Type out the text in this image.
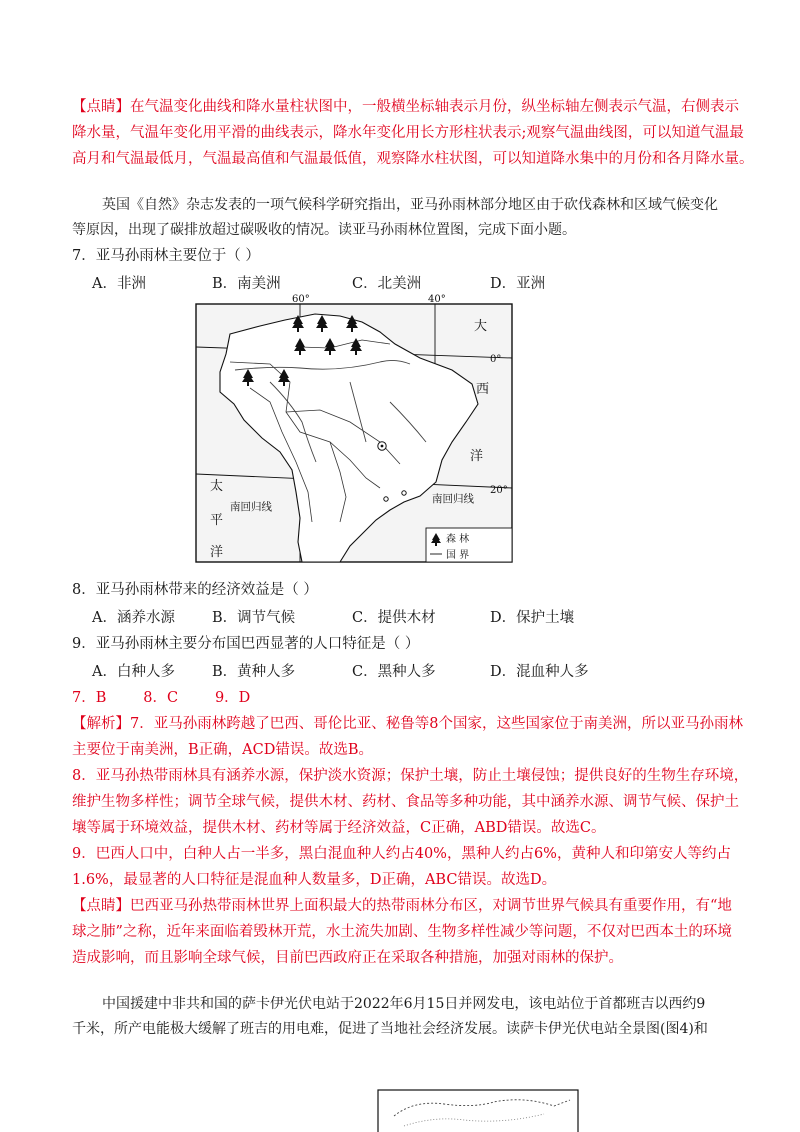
【点睛】在气温变化曲线和降水量柱状图中，一般横坐标轴表示月份，纵坐标轴左侧表示气温，右侧表示
降水量，气温年变化用平滑的曲线表示，降水年变化用长方形柱状表示;观察气温曲线图，可以知道气温最
高月和气温最低月，气温最高值和气温最低值，观察降水柱状图，可以知道降水集中的月份和各月降水量。
英国《自然》杂志发表的一项气候科学研究指出，亚马孙雨林部分地区由于砍伐森林和区域气候变化
等原因，出现了碳排放超过碳吸收的情况。读亚马孙雨林位置图，完成下面小题。
7．亚马孙雨林主要位于（ ）
A．非洲	B．南美洲	C．北美洲	D．亚洲
60°	40°
0°
20°
大
西
洋
太
平
洋
南回归线
南回归线
森 林
国 界
8．亚马孙雨林带来的经济效益是（ ）
A．涵养水源	B．调节气候	C．提供木材	D．保护土壤
9．亚马孙雨林主要分布国巴西显著的人口特征是（ ）
A．白种人多	B．黄种人多	C．黑种人多	D．混血种人多
7．B        8．C        9．D
【解析】7．亚马孙雨林跨越了巴西、哥伦比亚、秘鲁等8个国家，这些国家位于南美洲，所以亚马孙雨林
主要位于南美洲，B正确，ACD错误。故选B。
8．亚马孙热带雨林具有涵养水源，保护淡水资源；保护土壤，防止土壤侵蚀；提供良好的生物生存环境，
维护生物多样性；调节全球气候，提供木材、药材、食品等多种功能，其中涵养水源、调节气候、保护土
壤等属于环境效益，提供木材、药材等属于经济效益，C正确，ABD错误。故选C。
9．巴西人口中，白种人占一半多，黑白混血种人约占40%，黑种人约占6%，黄种人和印第安人等约占
1.6%，最显著的人口特征是混血种人数量多，D正确，ABC错误。故选D。
【点睛】巴西亚马孙热带雨林世界上面积最大的热带雨林分布区，对调节世界气候具有重要作用，有“地
球之肺”之称，近年来面临着毁林开荒，水土流失加剧、生物多样性减少等问题，不仅对巴西本土的环境
造成影响，而且影响全球气候，目前巴西政府正在采取各种措施，加强对雨林的保护。
中国援建中非共和国的萨卡伊光伏电站于2022年6月15日并网发电，该电站位于首都班吉以西约9
千米，所产电能极大缓解了班吉的用电难，促进了当地社会经济发展。读萨卡伊光伏电站全景图(图4)和
